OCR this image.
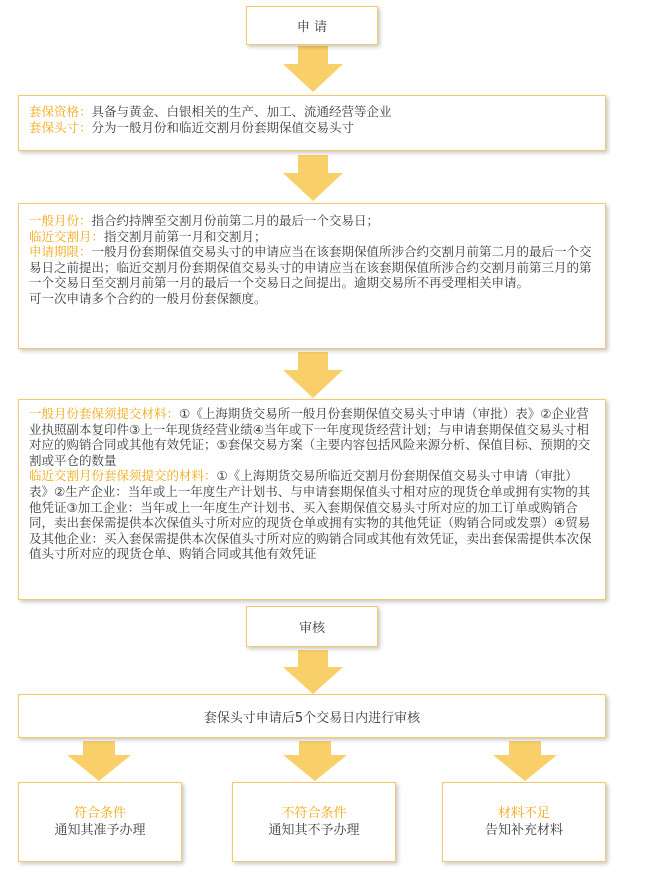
申 请
套保资格：具备与黄金、白银相关的生产、加工、流通经营等企业
套保头寸：分为一般月份和临近交割月份套期保值交易头寸
一般月份：指合约持牌至交割月份前第二月的最后一个交易日；
临近交割月：指交割月前第一月和交割月；
申请期限：一般月份套期保值交易头寸的申请应当在该套期保值所涉合约交割月前第二月的最后一个交易日之前提出；临近交割月份套期保值交易头寸的申请应当在该套期保值所涉合约交割月前第三月的第一个交易日至交割月前第一月的最后一个交易日之间提出。逾期交易所不再受理相关申请。
可一次申请多个合约的一般月份套保额度。
一般月份套保须提交材料：①《上海期货交易所一般月份套期保值交易头寸申请（审批）表》②企业营业执照副本复印件③上一年现货经营业绩④当年或下一年度现货经营计划；与申请套期保值交易头寸相对应的购销合同或其他有效凭证；⑤套保交易方案（主要内容包括风险来源分析、保值目标、预期的交割或平仓的数量
临近交割月份套保须提交的材料：①《上海期货交易所临近交割月份套期保值交易头寸申请（审批）表》②生产企业：当年或上一年度生产计划书、与申请套期保值头寸相对应的现货仓单或拥有实物的其他凭证③加工企业：当年或上一年度生产计划书、买入套期保值交易头寸所对应的加工订单或购销合同，卖出套保需提供本次保值头寸所对应的现货仓单或拥有实物的其他凭证（购销合同或发票）④贸易及其他企业：买入套保需提供本次保值头寸所对应的购销合同或其他有效凭证，卖出套保需提供本次保值头寸所对应的现货仓单、购销合同或其他有效凭证
审核
套保头寸申请后5个交易日内进行审核
符合条件
通知其准予办理
不符合条件
通知其不予办理
材料不足
告知补充材料
